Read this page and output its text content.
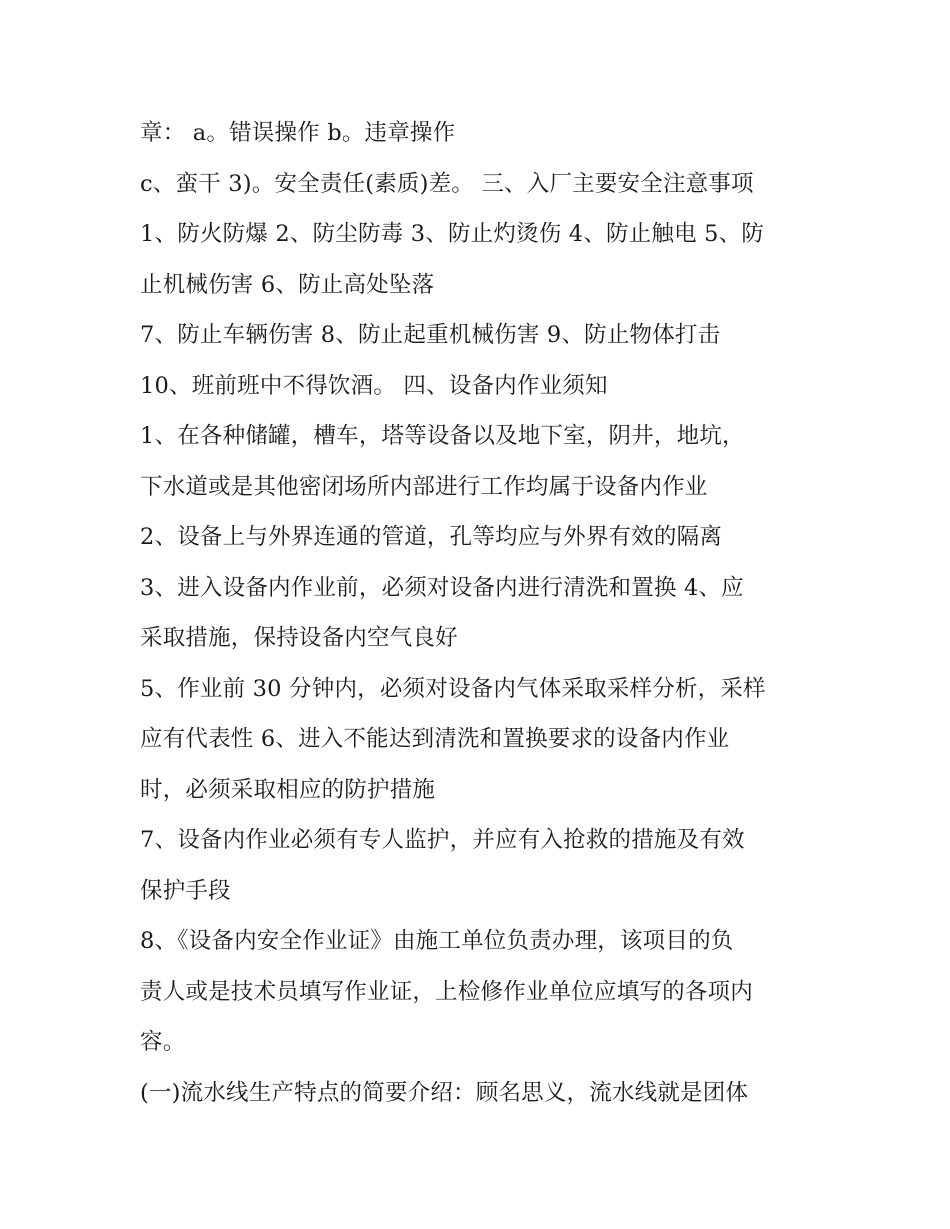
章： a。错误操作 b。违章操作
c、蛮干 3)。安全责任(素质)差。 三、入厂主要安全注意事项
1、防火防爆 2、防尘防毒 3、防止灼烫伤 4、防止触电 5、防
止机械伤害 6、防止高处坠落
7、防止车辆伤害 8、防止起重机械伤害 9、防止物体打击
10、班前班中不得饮酒。 四、设备内作业须知
1、在各种储罐，槽车，塔等设备以及地下室，阴井，地坑，
下水道或是其他密闭场所内部进行工作均属于设备内作业
2、设备上与外界连通的管道，孔等均应与外界有效的隔离
3、进入设备内作业前，必须对设备内进行清洗和置换 4、应
采取措施，保持设备内空气良好
5、作业前 30 分钟内，必须对设备内气体采取采样分析，采样
应有代表性 6、进入不能达到清洗和置换要求的设备内作业
时，必须采取相应的防护措施
7、设备内作业必须有专人监护，并应有入抢救的措施及有效
保护手段
8、《设备内安全作业证》由施工单位负责办理，该项目的负
责人或是技术员填写作业证，上检修作业单位应填写的各项内
容。
(一)流水线生产特点的简要介绍：顾名思义，流水线就是团体
